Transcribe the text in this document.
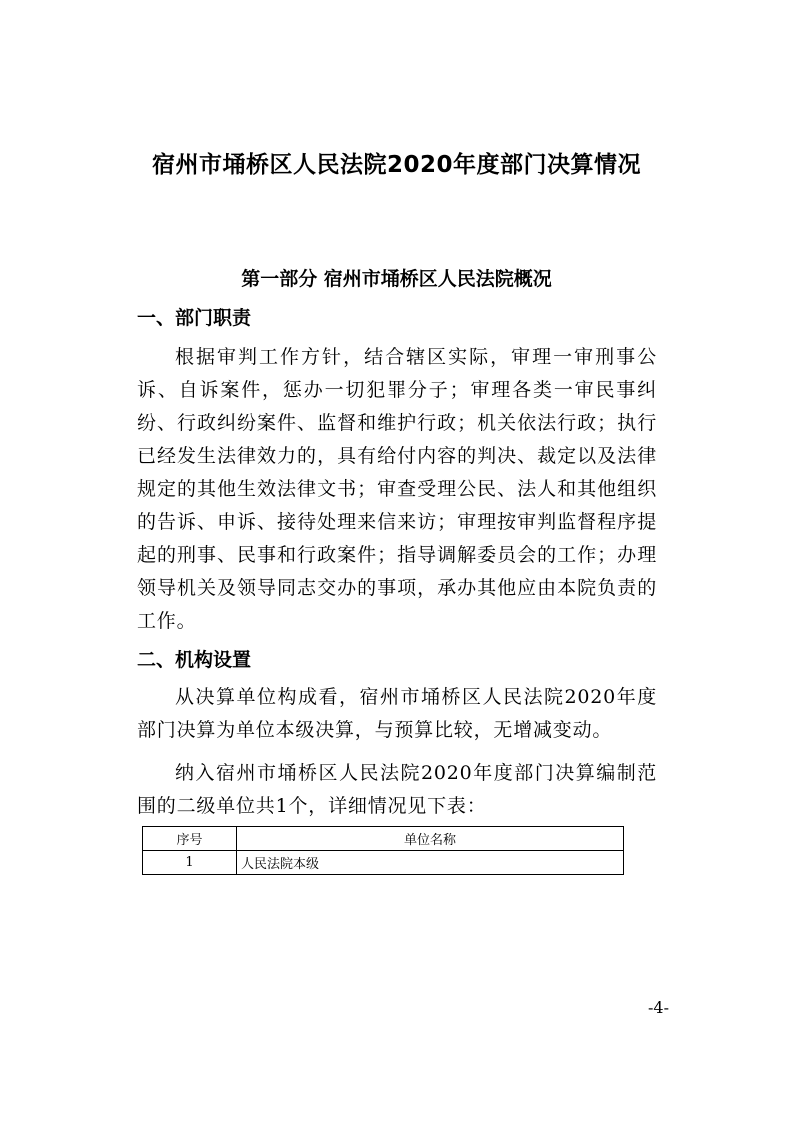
宿州市埇桥区人民法院2020年度部门决算情况
第一部分 宿州市埇桥区人民法院概况
一、部门职责

根据审判工作方针，结合辖区实际，审理一审刑事公诉、自诉案件，惩办一切犯罪分子；审理各类一审民事纠纷、行政纠纷案件、监督和维护行政；机关依法行政；执行已经发生法律效力的，具有给付内容的判决、裁定以及法律规定的其他生效法律文书；审查受理公民、法人和其他组织的告诉、申诉、接待处理来信来访；审理按审判监督程序提起的刑事、民事和行政案件；指导调解委员会的工作；办理领导机关及领导同志交办的事项，承办其他应由本院负责的工作。

二、机构设置

从决算单位构成看，宿州市埇桥区人民法院2020年度部门决算为单位本级决算，与预算比较，无增减变动。

纳入宿州市埇桥区人民法院2020年度部门决算编制范围的二级单位共1个，详细情况见下表：

序号	单位名称
1	人民法院本级
-4-
